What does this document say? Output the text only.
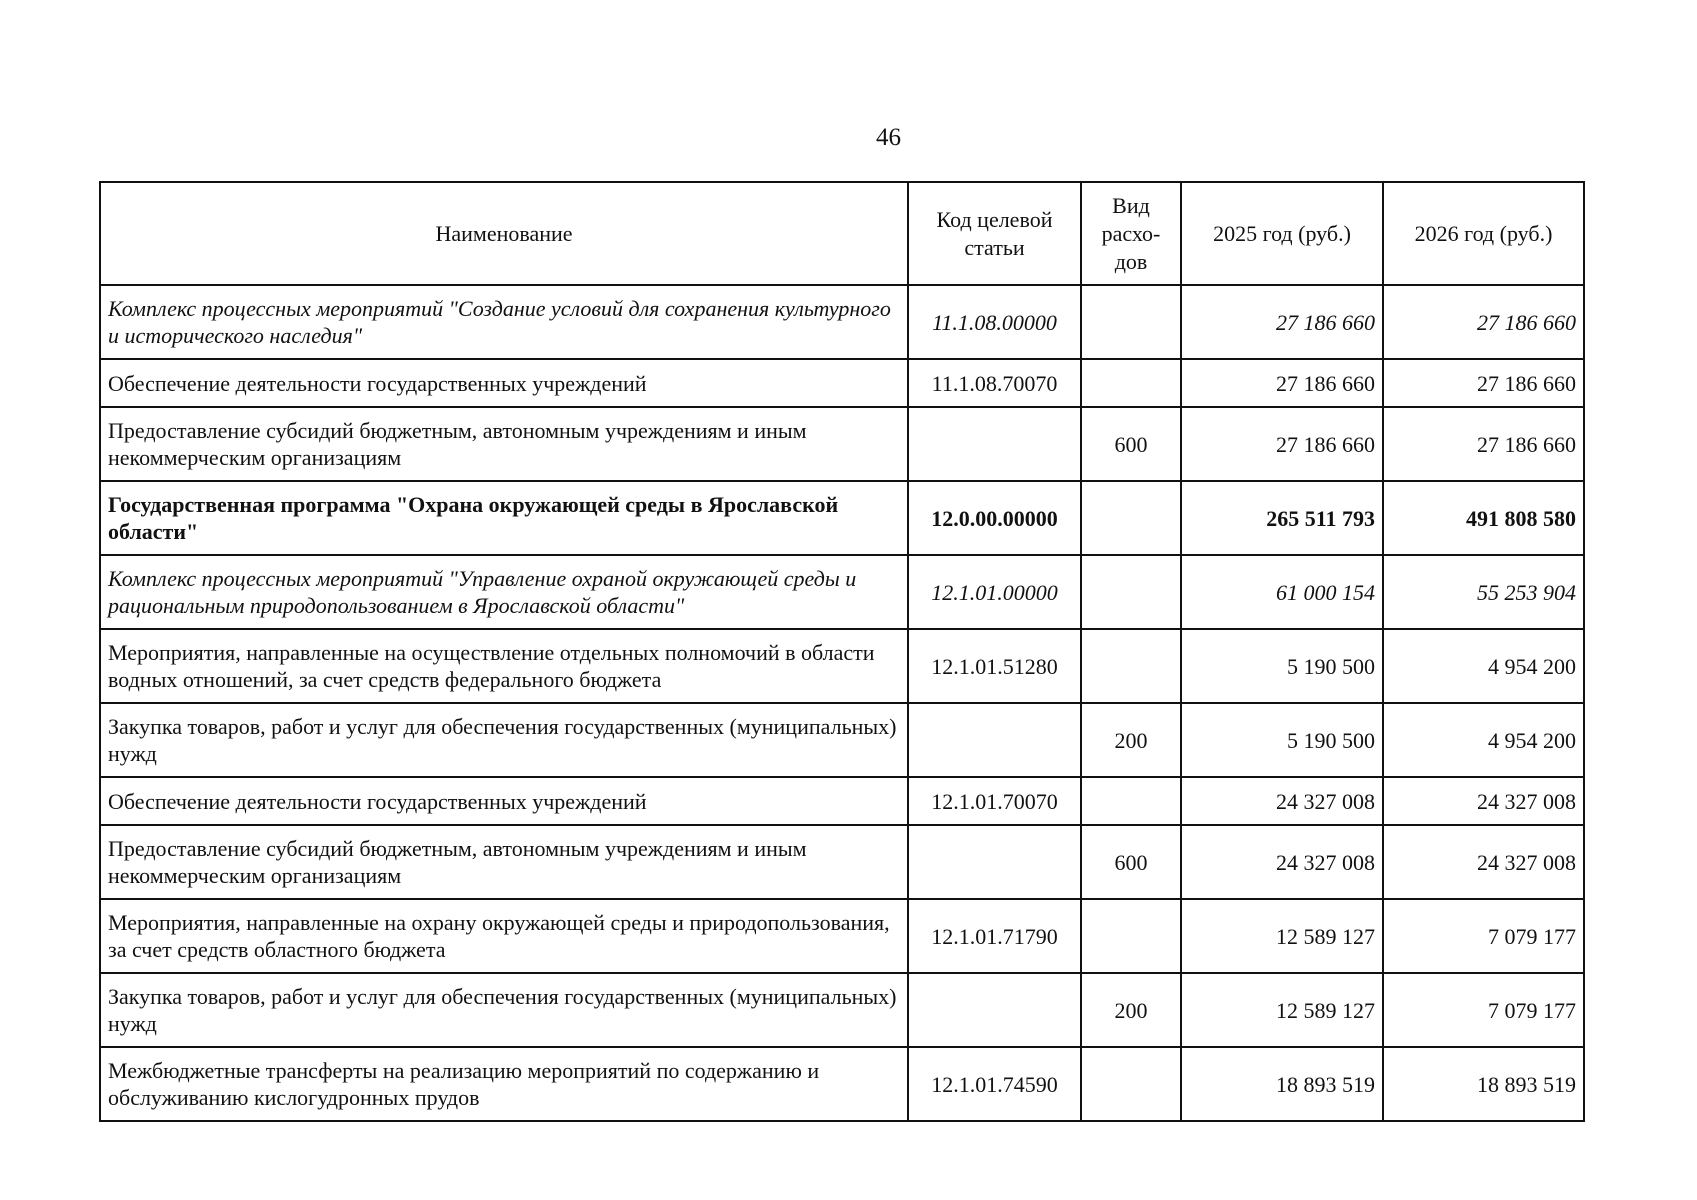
46
Наименование	Код целевой статьи	Вид расхо-дов	2025 год (руб.)	2026 год (руб.)
Комплекс процессных мероприятий "Создание условий для сохранения культурного и исторического наследия"	11.1.08.00000		27 186 660	27 186 660
Обеспечение деятельности государственных учреждений	11.1.08.70070		27 186 660	27 186 660
Предоставление субсидий бюджетным, автономным учреждениям и иным некоммерческим организациям		600	27 186 660	27 186 660
Государственная программа "Охрана окружающей среды в Ярославской области"	12.0.00.00000		265 511 793	491 808 580
Комплекс процессных мероприятий "Управление охраной окружающей среды и рациональным природопользованием в Ярославской области"	12.1.01.00000		61 000 154	55 253 904
Мероприятия, направленные на осуществление отдельных полномочий в области водных отношений, за счет средств федерального бюджета	12.1.01.51280		5 190 500	4 954 200
Закупка товаров, работ и услуг для обеспечения государственных (муниципальных) нужд		200	5 190 500	4 954 200
Обеспечение деятельности государственных учреждений	12.1.01.70070		24 327 008	24 327 008
Предоставление субсидий бюджетным, автономным учреждениям и иным некоммерческим организациям		600	24 327 008	24 327 008
Мероприятия, направленные на охрану окружающей среды и природопользования, за счет средств областного бюджета	12.1.01.71790		12 589 127	7 079 177
Закупка товаров, работ и услуг для обеспечения государственных (муниципальных) нужд		200	12 589 127	7 079 177
Межбюджетные трансферты на реализацию мероприятий по содержанию и обслуживанию кислогудронных прудов	12.1.01.74590		18 893 519	18 893 519
